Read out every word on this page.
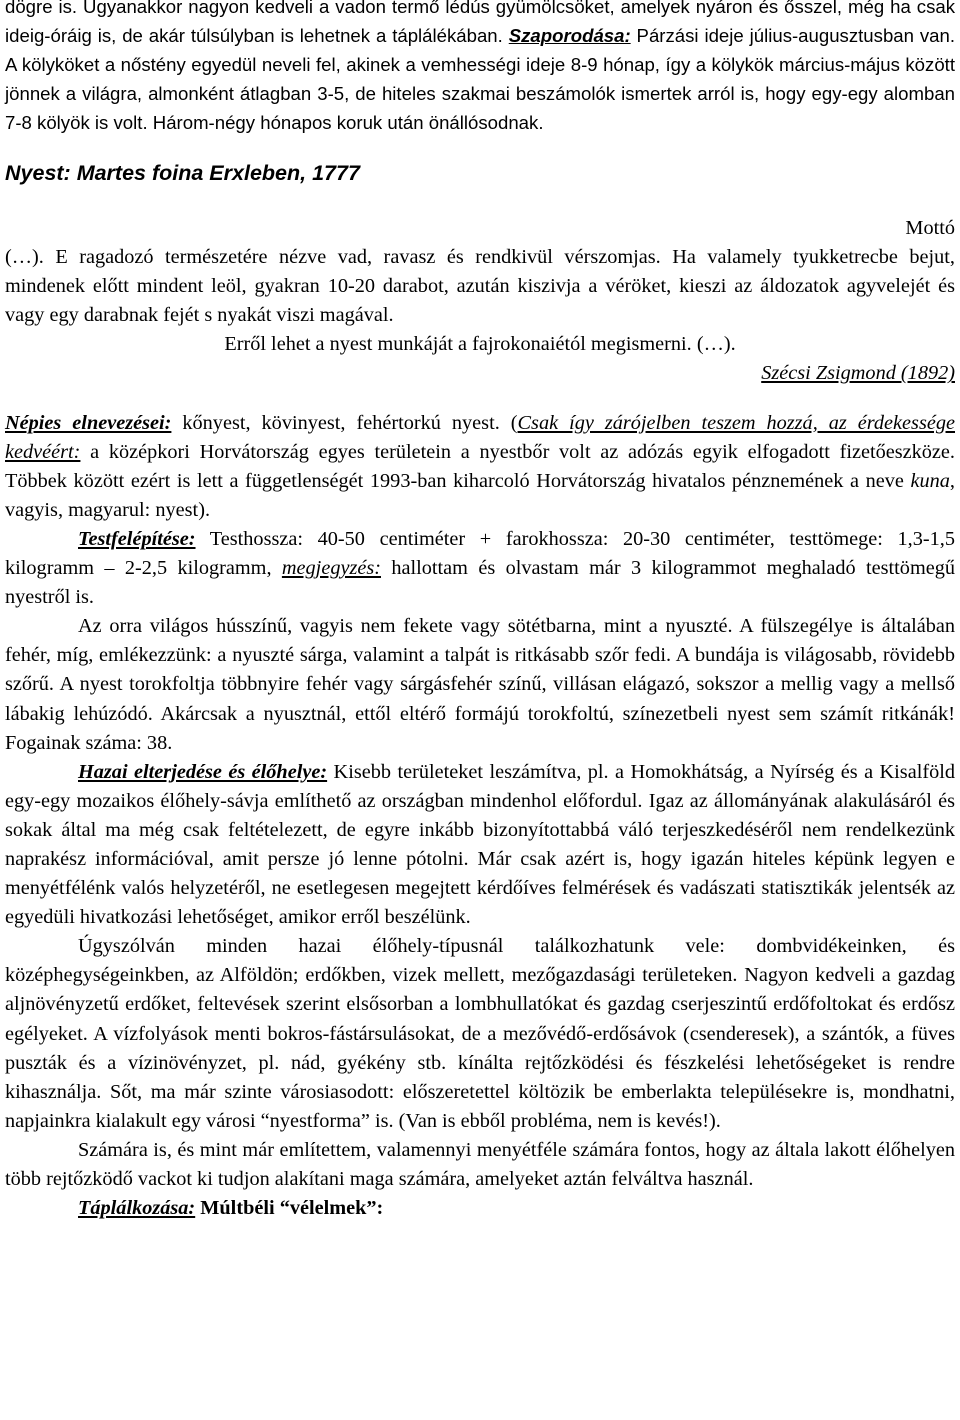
dögre is. Ugyanakkor nagyon kedveli a vadon termő lédús gyümölcsöket, amelyek nyáron és ősszel, még ha csak ideig-óráig is, de akár túlsúlyban is lehetnek a táplálékában. Szaporodása: Párzási ideje július-augusztusban van. A kölyköket a nőstény egyedül neveli fel, akinek a vemhességi ideje 8-9 hónap, így a kölykök március-május között jönnek a világra, almonként átlagban 3-5, de hiteles szakmai beszámolók ismertek arról is, hogy egy-egy alomban 7-8 kölyök is volt. Három-négy hónapos koruk után önállósodnak.

Nyest: Martes foina Erxleben, 1777

Mottó

(…). E ragadozó természetére nézve vad, ravasz és rendkivül vérszomjas. Ha valamely tyukketrecbe bejut, mindenek előtt mindent leöl, gyakran 10-20 darabot, azután kiszivja a véröket, kieszi az áldozatok agyvelejét és vagy egy darabnak fejét s nyakát viszi magával.

Erről lehet a nyest munkáját a fajrokonaiétól megismerni. (…).

Szécsi Zsigmond (1892)

Népies elnevezései: kőnyest, kövinyest, fehértorkú nyest. (Csak így zárójelben teszem hozzá, az érdekessége kedvéért: a középkori Horvátország egyes területein a nyestbőr volt az adózás egyik elfogadott fizetőeszköze. Többek között ezért is lett a függetlenségét 1993-ban kiharcoló Horvátország hivatalos pénznemének a neve kuna, vagyis, magyarul: nyest).

Testfelépítése: Testhossza: 40-50 centiméter + farokhossza: 20-30 centiméter, testtömege: 1,3-1,5 kilogramm – 2-2,5 kilogramm, megjegyzés: hallottam és olvastam már 3 kilogrammot meghaladó testtömegű nyestről is.

Az orra világos hússzínű, vagyis nem fekete vagy sötétbarna, mint a nyuszté. A fülszegélye is általában fehér, míg, emlékezzünk: a nyuszté sárga, valamint a talpát is ritkásabb szőr fedi. A bundája is világosabb, rövidebb szőrű. A nyest torokfoltja többnyire fehér vagy sárgásfehér színű, villásan elágazó, sokszor a mellig vagy a mellső lábakig lehúzódó. Akárcsak a nyusztnál, ettől eltérő formájú torokfoltú, színezetbeli nyest sem számít ritkánák! Fogainak száma: 38.

Hazai elterjedése és élőhelye: Kisebb területeket leszámítva, pl. a Homokhátság, a Nyírség és a Kisalföld egy-egy mozaikos élőhely-sávja említhető az országban mindenhol előfordul. Igaz az állományának alakulásáról és sokak által ma még csak feltételezett, de egyre inkább bizonyítottabbá váló terjeszkedéséről nem rendelkezünk naprakész információval, amit persze jó lenne pótolni. Már csak azért is, hogy igazán hiteles képünk legyen e menyétfélénk valós helyzetéről, ne esetlegesen megejtett kérdőíves felmérések és vadászati statisztikák jelentsék az egyedüli hivatkozási lehetőséget, amikor erről beszélünk.

Úgyszólván minden hazai élőhely-típusnál találkozhatunk vele: dombvidékeinken, és középhegységeinkben, az Alföldön; erdőkben, vizek mellett, mezőgazdasági területeken. Nagyon kedveli a gazdag aljnövényzetű erdőket, feltevések szerint elsősorban a lombhullatókat és gazdag cserjeszintű erdőfoltokat és erdősz egélyeket. A vízfolyások menti bokros-fástársulásokat, de a mezővédő-erdősávok (csenderesek), a szántók, a füves puszták és a vízinövényzet, pl. nád, gyékény stb. kínálta rejtőzködési és fészkelési lehetőségeket is rendre kihasználja. Sőt, ma már szinte városiasodott: előszeretettel költözik be emberlakta településekre is, mondhatni, napjainkra kialakult egy városi “nyestforma” is. (Van is ebből probléma, nem is kevés!).

Számára is, és mint már említettem, valamennyi menyétféle számára fontos, hogy az általa lakott élőhelyen több rejtőzködő vackot ki tudjon alakítani maga számára, amelyeket aztán felváltva használ.

Táplálkozása: Múltbéli “vélelmek”:
